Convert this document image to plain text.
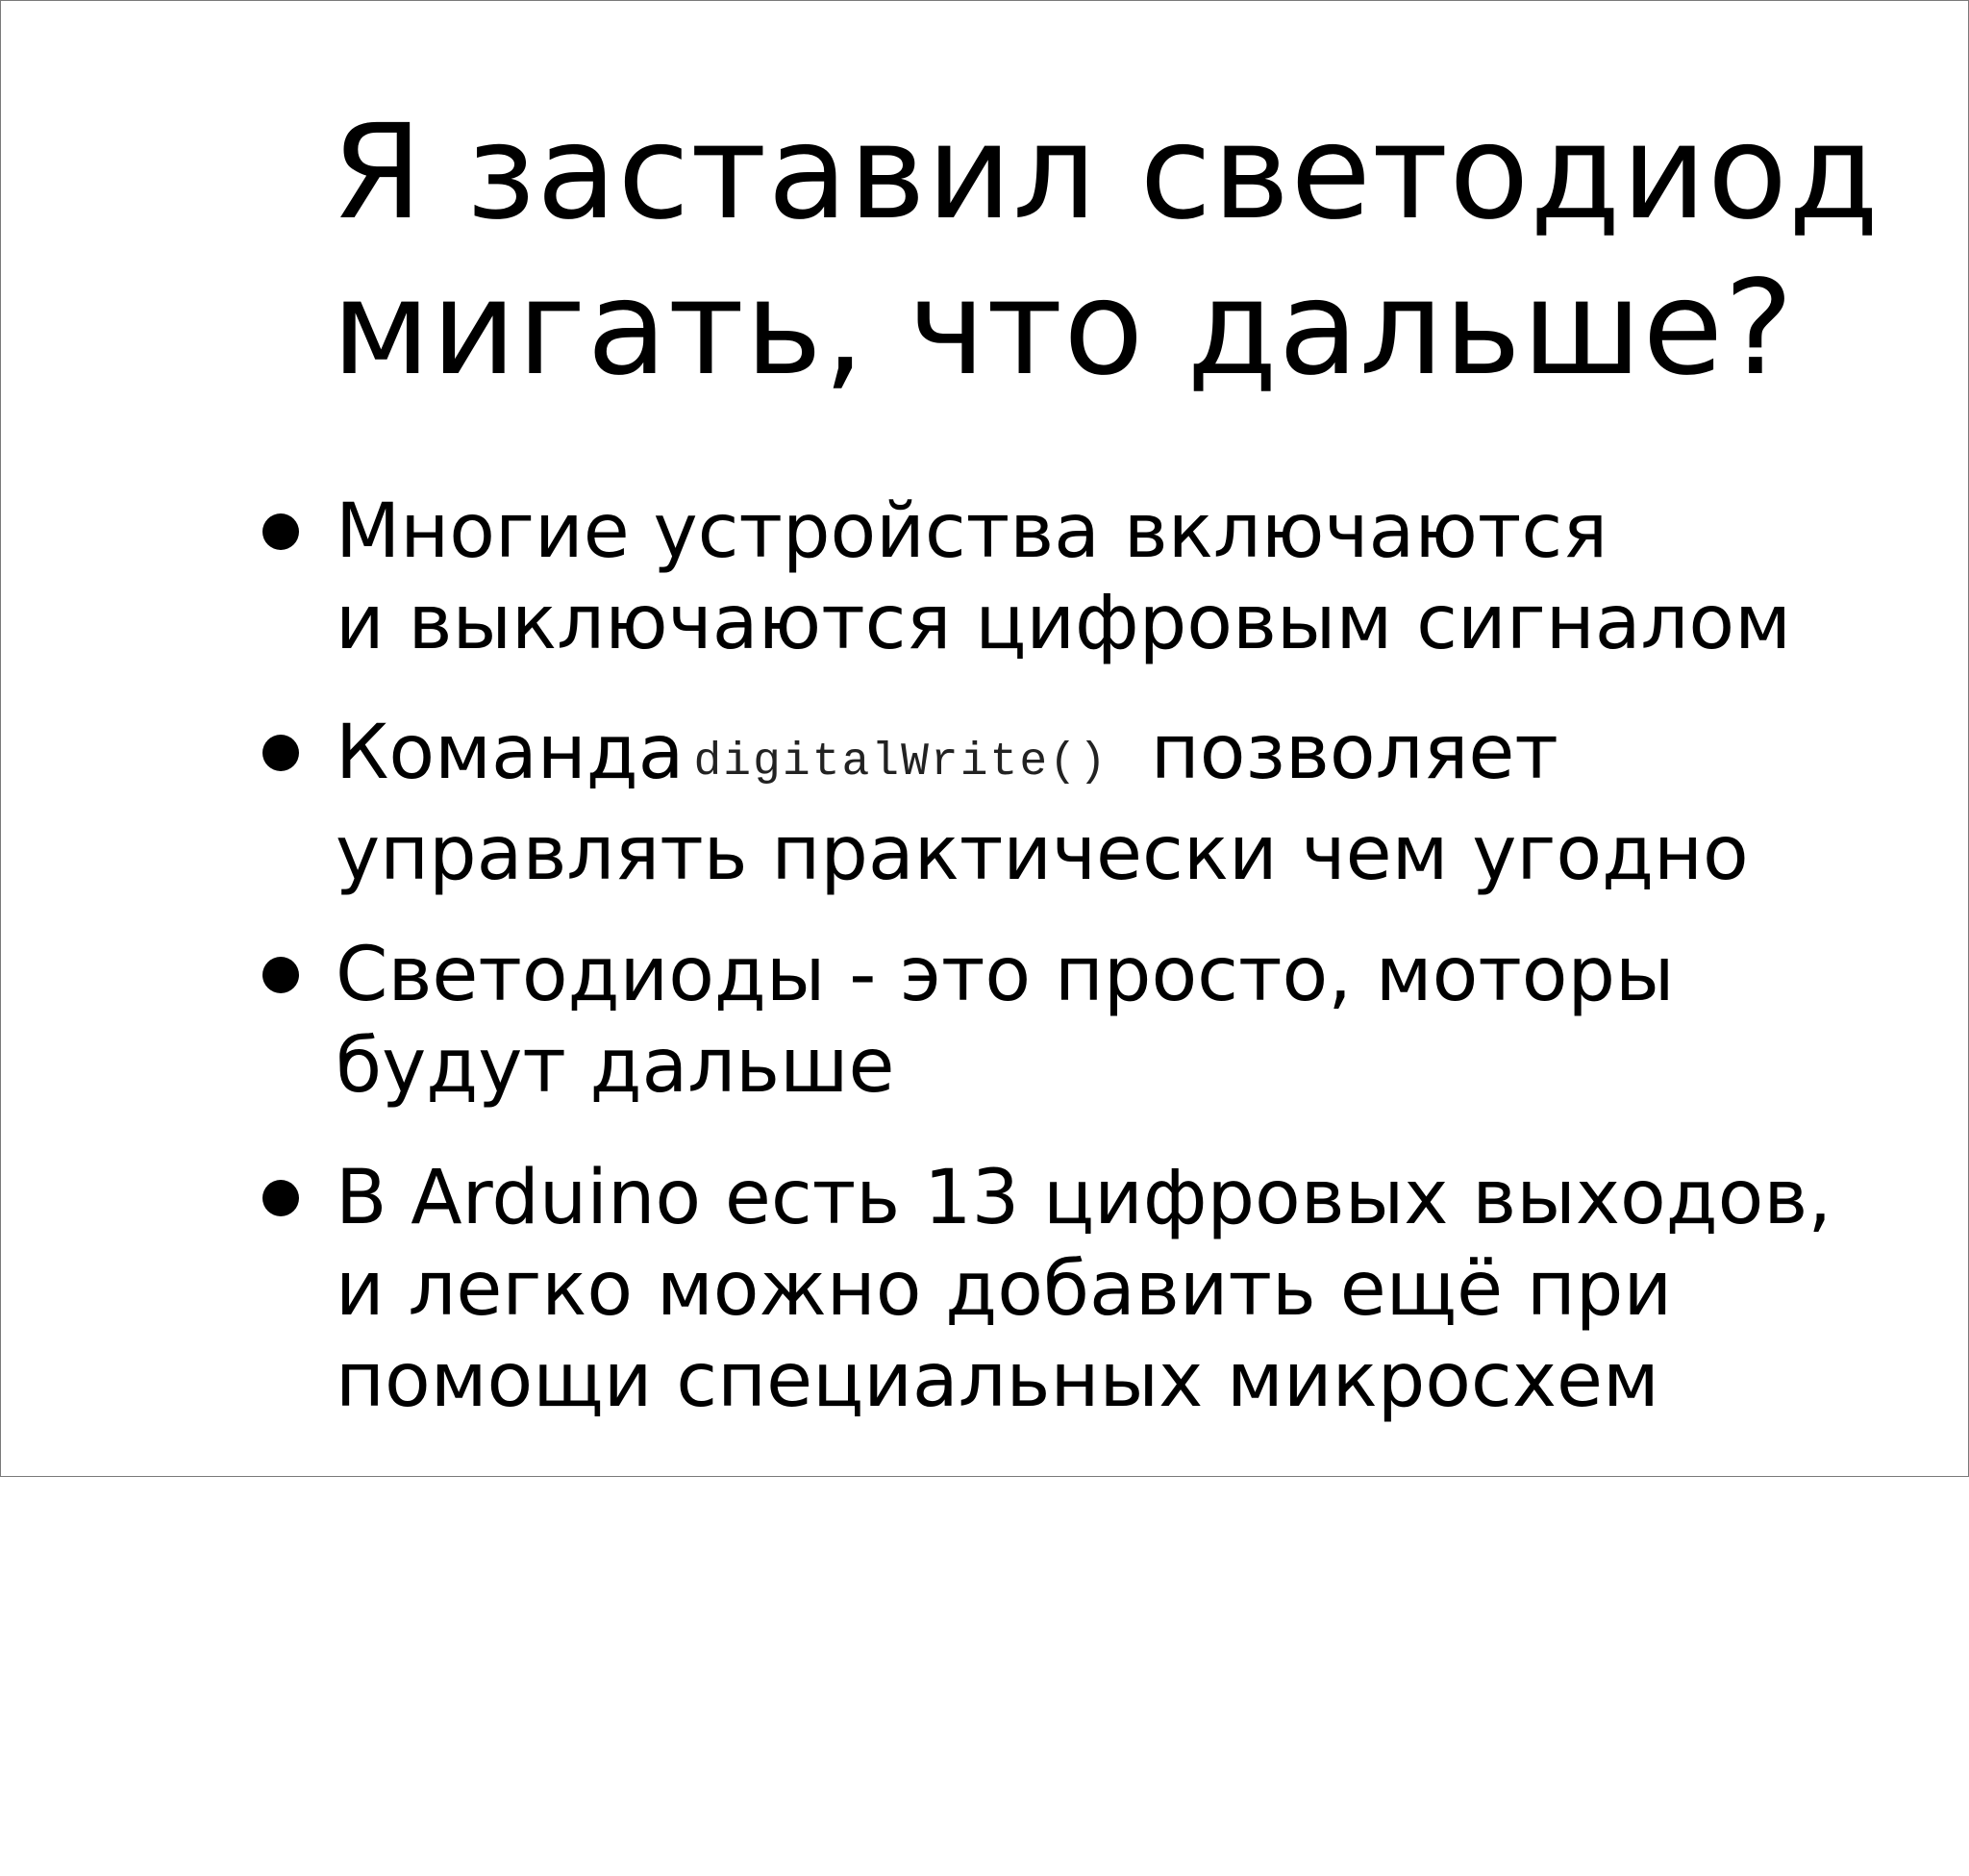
Я заставил светодиод
мигать, что дальше?
Многие устройства включаются
и выключаются цифровым сигналом
Команда digitalWrite() позволяет
управлять практически чем угодно
Светодиоды - это просто, моторы
будут дальше
В Arduino есть 13 цифровых выходов,
и легко можно добавить ещё при
помощи специальных микросхем
